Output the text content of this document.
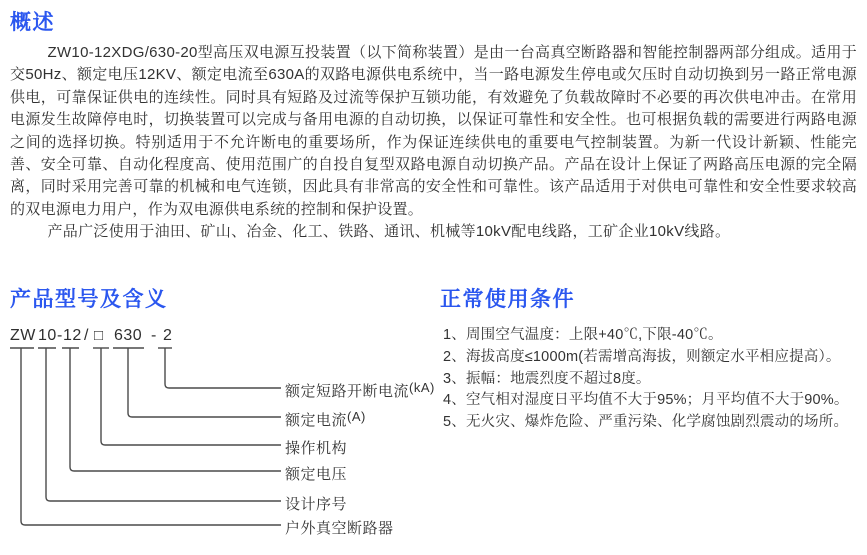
概述

ZW10-12XDG/630-20型高压双电源互投装置（以下简称装置）是由一台高真空断路器和智能控制器两部分组成。适用于交50Hz、额定电压12KV、额定电流至630A的双路电源供电系统中，当一路电源发生停电或欠压时自动切换到另一路正常电源供电，可靠保证供电的连续性。同时具有短路及过流等保护互锁功能，有效避免了负载故障时不必要的再次供电冲击。在常用电源发生故障停电时，切换装置可以完成与备用电源的自动切换，以保证可靠性和安全性。也可根据负载的需要进行两路电源之间的选择切换。特别适用于不允许断电的重要场所，作为保证连续供电的重要电气控制装置。为新一代设计新颖、性能完善、安全可靠、自动化程度高、使用范围广的自投自复型双路电源自动切换产品。产品在设计上保证了两路高压电源的完全隔离，同时采用完善可靠的机械和电气连锁，因此具有非常高的安全性和可靠性。该产品适用于对供电可靠性和安全性要求较高的双电源电力用户，作为双电源供电系统的控制和保护设置。

产品广泛使用于油田、矿山、冶金、化工、铁路、通讯、机械等10kV配电线路，工矿企业10kV线路。

产品型号及含义
ZW 10 - 12 / □ 630 - 2
额定短路开断电流(kA)
额定电流(A)
操作机构
额定电压
设计序号
户外真空断路器
正常使用条件
1、周围空气温度：上限+40℃,下限-40℃。
2、海拔高度≤1000m(若需增高海拔，则额定水平相应提高）。
3、振幅：地震烈度不超过8度。
4、空气相对湿度日平均值不大于95%；月平均值不大于90%。
5、无火灾、爆炸危险、严重污染、化学腐蚀剧烈震动的场所。
